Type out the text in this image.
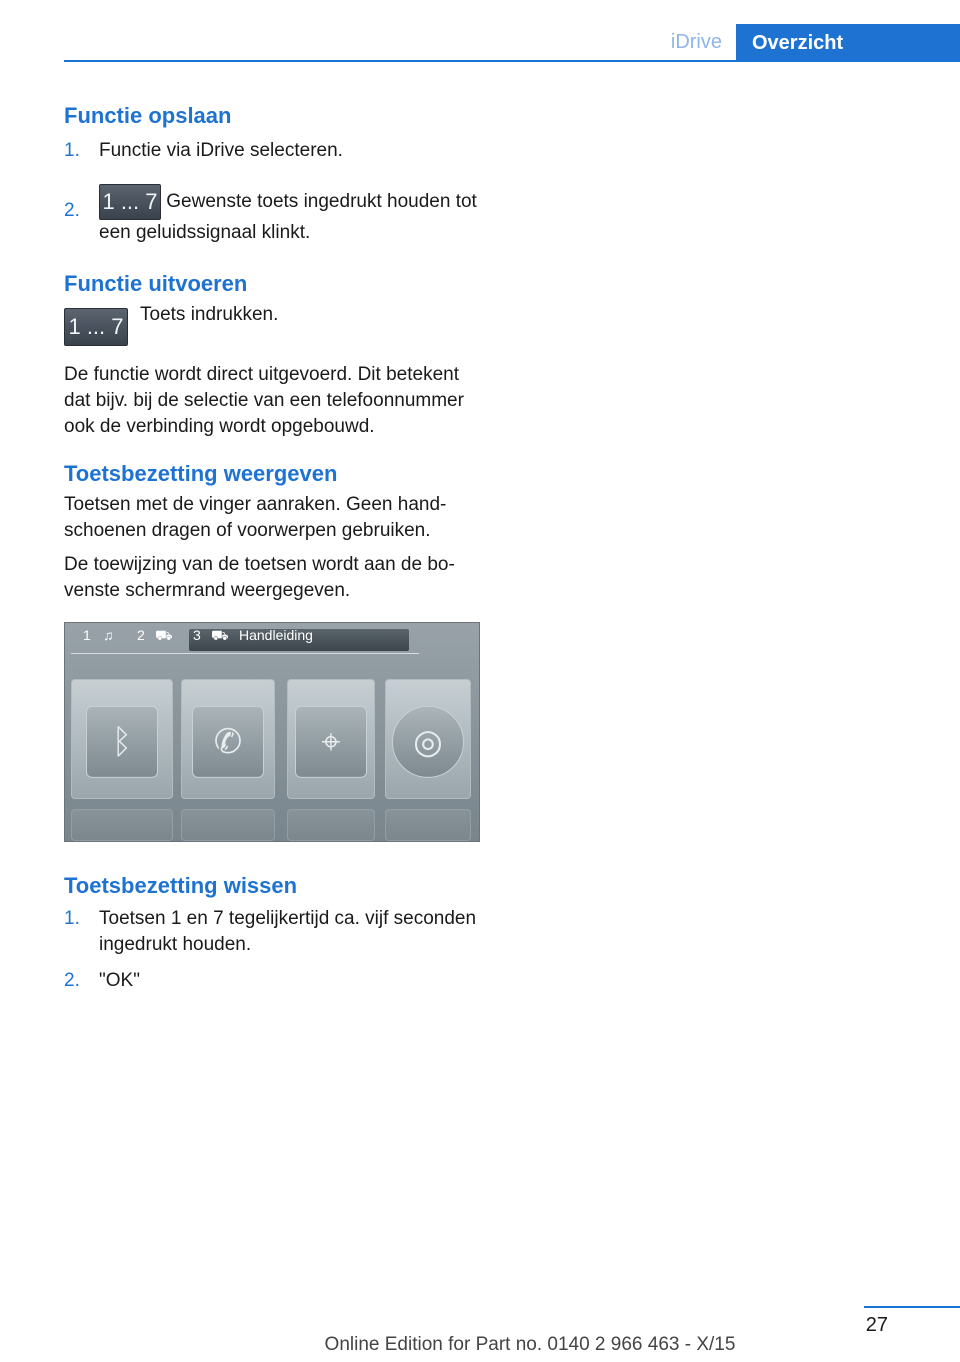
iDrive	Overzicht
Functie opslaan
1. Functie via iDrive selecteren.
2. 1 ... 7 Gewenste toets ingedrukt houden tot een geluidssignaal klinkt.
Functie uitvoeren
1 ... 7 Toets indrukken.

De functie wordt direct uitgevoerd. Dit betekent dat bijv. bij de selectie van een telefoonnummer ook de verbinding wordt opgebouwd.

Toetsbezetting weergeven

Toetsen met de vinger aanraken. Geen handschoenen dragen of voorwerpen gebruiken.

De toewijzing van de toetsen wordt aan de bovenste schermrand weergegeven.

1 ♫ 2 ⛟ 3 ⛟ Handleiding
ᛒ	✆	⌖	◎
Toetsbezetting wissen
1. Toetsen 1 en 7 tegelijkertijd ca. vijf seconden ingedrukt houden.
2. "OK"
27
Online Edition for Part no. 0140 2 966 463 - X/15
